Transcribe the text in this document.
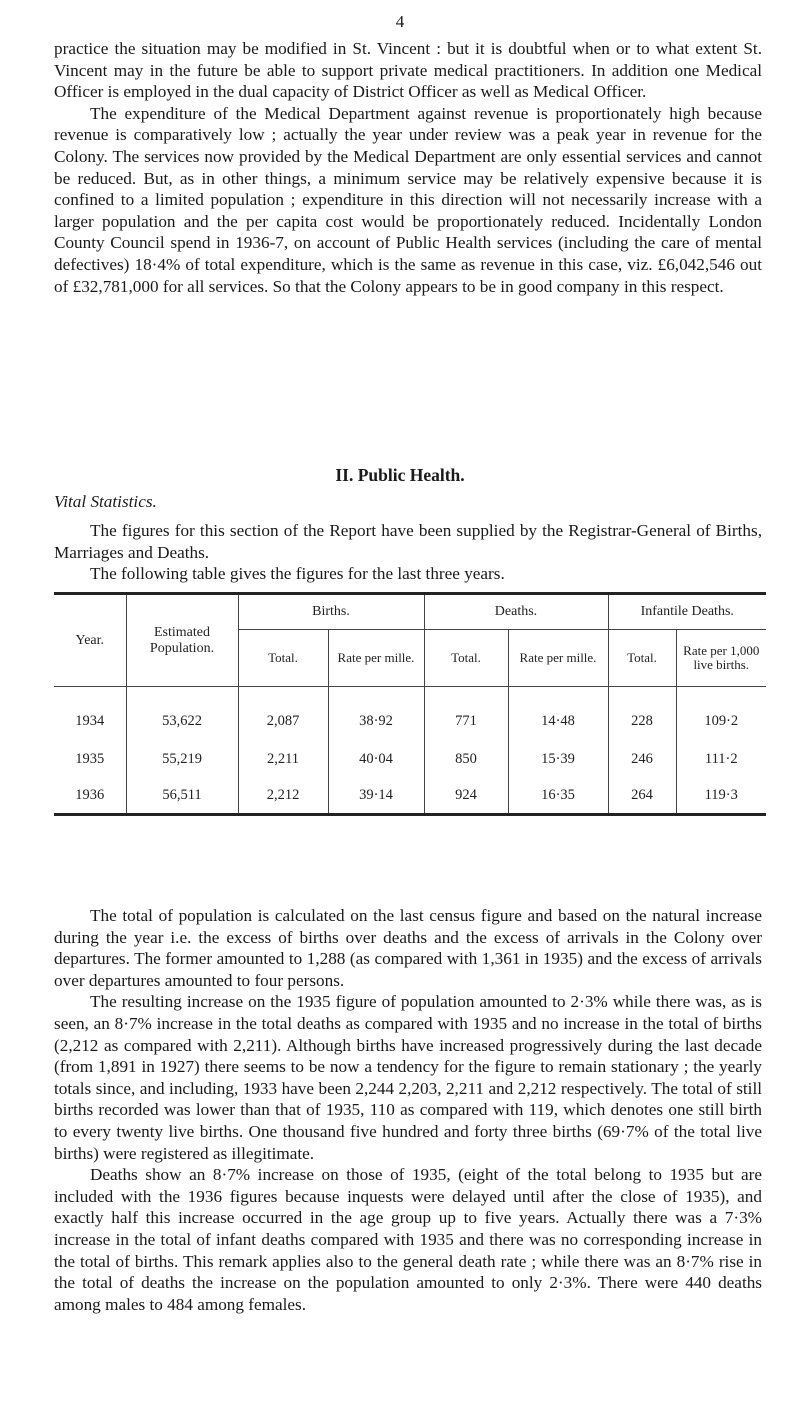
4

practice the situation may be modified in St. Vincent : but it is doubtful when or to what extent St. Vincent may in the future be able to support private medical practitioners. In addition one Medical Officer is employed in the dual capacity of District Officer as well as Medical Officer.

The expenditure of the Medical Department against revenue is proportionately high because revenue is comparatively low ; actually the year under review was a peak year in revenue for the Colony. The services now provided by the Medical Department are only essential services and cannot be reduced. But, as in other things, a minimum service may be relatively expensive because it is confined to a limited population ; expenditure in this direction will not necessarily increase with a larger population and the per capita cost would be proportionately reduced. Incidentally London County Council spend in 1936-7, on account of Public Health services (including the care of mental defectives) 18·4% of total expenditure, which is the same as revenue in this case, viz. £6,042,546 out of £32,781,000 for all services. So that the Colony appears to be in good company in this respect.

II. Public Health.
Vital Statistics.

The figures for this section of the Report have been supplied by the Registrar-General of Births, Marriages and Deaths.

The following table gives the figures for the last three years.

Year.	Estimated Population.	Births.		Deaths.		Infantile Deaths.	
		Total.	Rate per mille.	Total.	Rate per mille.	Total.	Rate per 1,000 live births.
1934	53,622	2,087	38·92	771	14·48	228	109·2
1935	55,219	2,211	40·04	850	15·39	246	111·2
1936	56,511	2,212	39·14	924	16·35	264	119·3

The total of population is calculated on the last census figure and based on the natural increase during the year i.e. the excess of births over deaths and the excess of arrivals in the Colony over departures. The former amounted to 1,288 (as compared with 1,361 in 1935) and the excess of arrivals over departures amounted to four persons.

The resulting increase on the 1935 figure of population amounted to 2·3% while there was, as is seen, an 8·7% increase in the total deaths as compared with 1935 and no increase in the total of births (2,212 as compared with 2,211). Although births have increased progressively during the last decade (from 1,891 in 1927) there seems to be now a tendency for the figure to remain stationary ; the yearly totals since, and including, 1933 have been 2,244 2,203, 2,211 and 2,212 respectively. The total of still births recorded was lower than that of 1935, 110 as compared with 119, which denotes one still birth to every twenty live births. One thousand five hundred and forty three births (69·7% of the total live births) were registered as illegitimate.

Deaths show an 8·7% increase on those of 1935, (eight of the total belong to 1935 but are included with the 1936 figures because inquests were delayed until after the close of 1935), and exactly half this increase occurred in the age group up to five years. Actually there was a 7·3% increase in the total of infant deaths compared with 1935 and there was no corresponding increase in the total of births. This remark applies also to the general death rate ; while there was an 8·7% rise in the total of deaths the increase on the population amounted to only 2·3%. There were 440 deaths among males to 484 among females.
